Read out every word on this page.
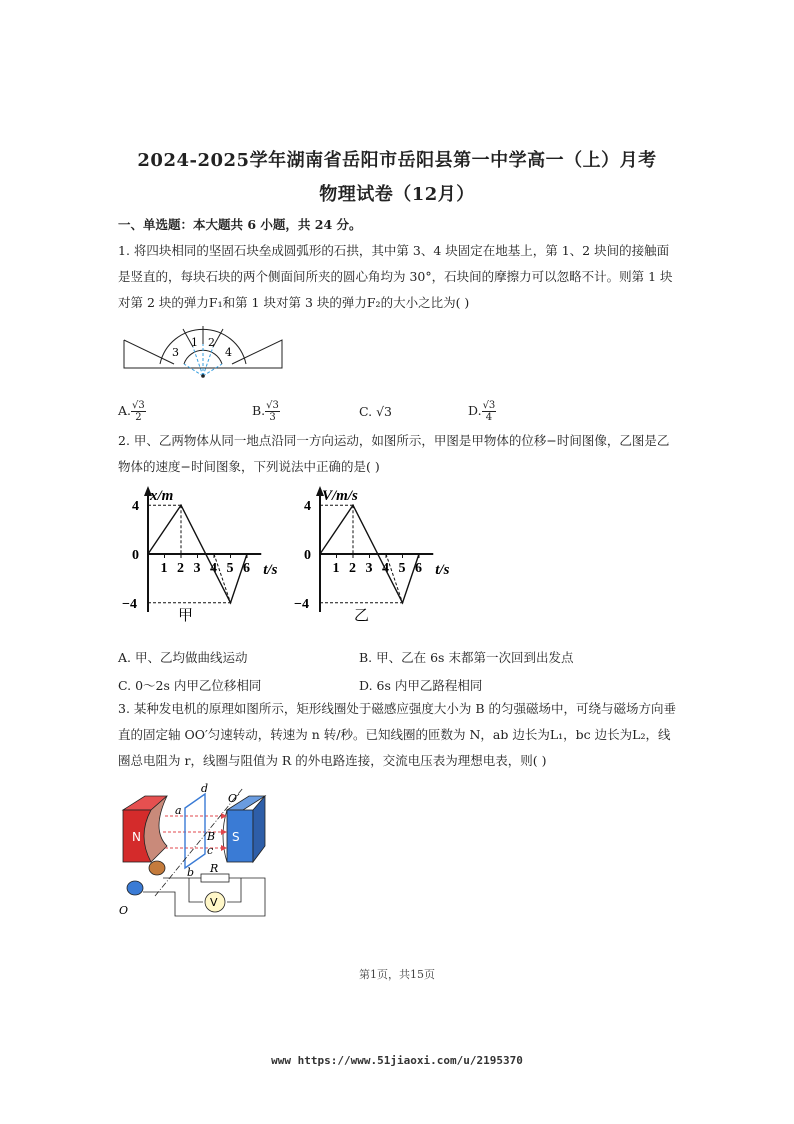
2024-2025学年湖南省岳阳市岳阳县第一中学高一（上）月考
物理试卷（12月）
一、单选题：本大题共 6 小题，共 24 分。
1. 将四块相同的坚固石块垒成圆弧形的石拱，其中第 3、4 块固定在地基上，第 1、2 块间的接触面是竖直的，每块石块的两个侧面间所夹的圆心角均为 30°，石块间的摩擦力可以忽略不计。则第 1 块对第 2 块的弹力F₁和第 1 块对第 3 块的弹力F₂的大小之比为( )
1 2
3	4
A. $\frac{√3}{2}$	B. $\frac{√3}{3}$	C. √3	D. $\frac{√3}{4}$
2. 甲、乙两物体从同一地点沿同一方向运动，如图所示，甲图是甲物体的位移−时间图像，乙图是乙物体的速度−时间图象，下列说法中正确的是( )
x/m
t/s
4
0
−4
1 2 3 4 5 6
甲
V/m/s
t/s
4
0
−4
1 2 3 4 5 6
乙
A. 甲、乙均做曲线运动	B. 甲、乙在 6s 末都第一次回到出发点
C. 0～2s 内甲乙位移相同	D. 6s 内甲乙路程相同
3. 某种发电机的原理如图所示，矩形线圈处于磁感应强度大小为 B 的匀强磁场中，可绕与磁场方向垂直的固定轴 OO′匀速转动，转速为 n 转/秒。已知线圈的匝数为 N，ab 边长为L₁，bc 边长为L₂，线圈总电阻为 r，线圈与阻值为 R 的外电路连接，交流电压表为理想电表，则( )
N	S
d
a
B
c
b
O′
R
V
O
第1页，共15页
www https://www.51jiaoxi.com/u/2195370
